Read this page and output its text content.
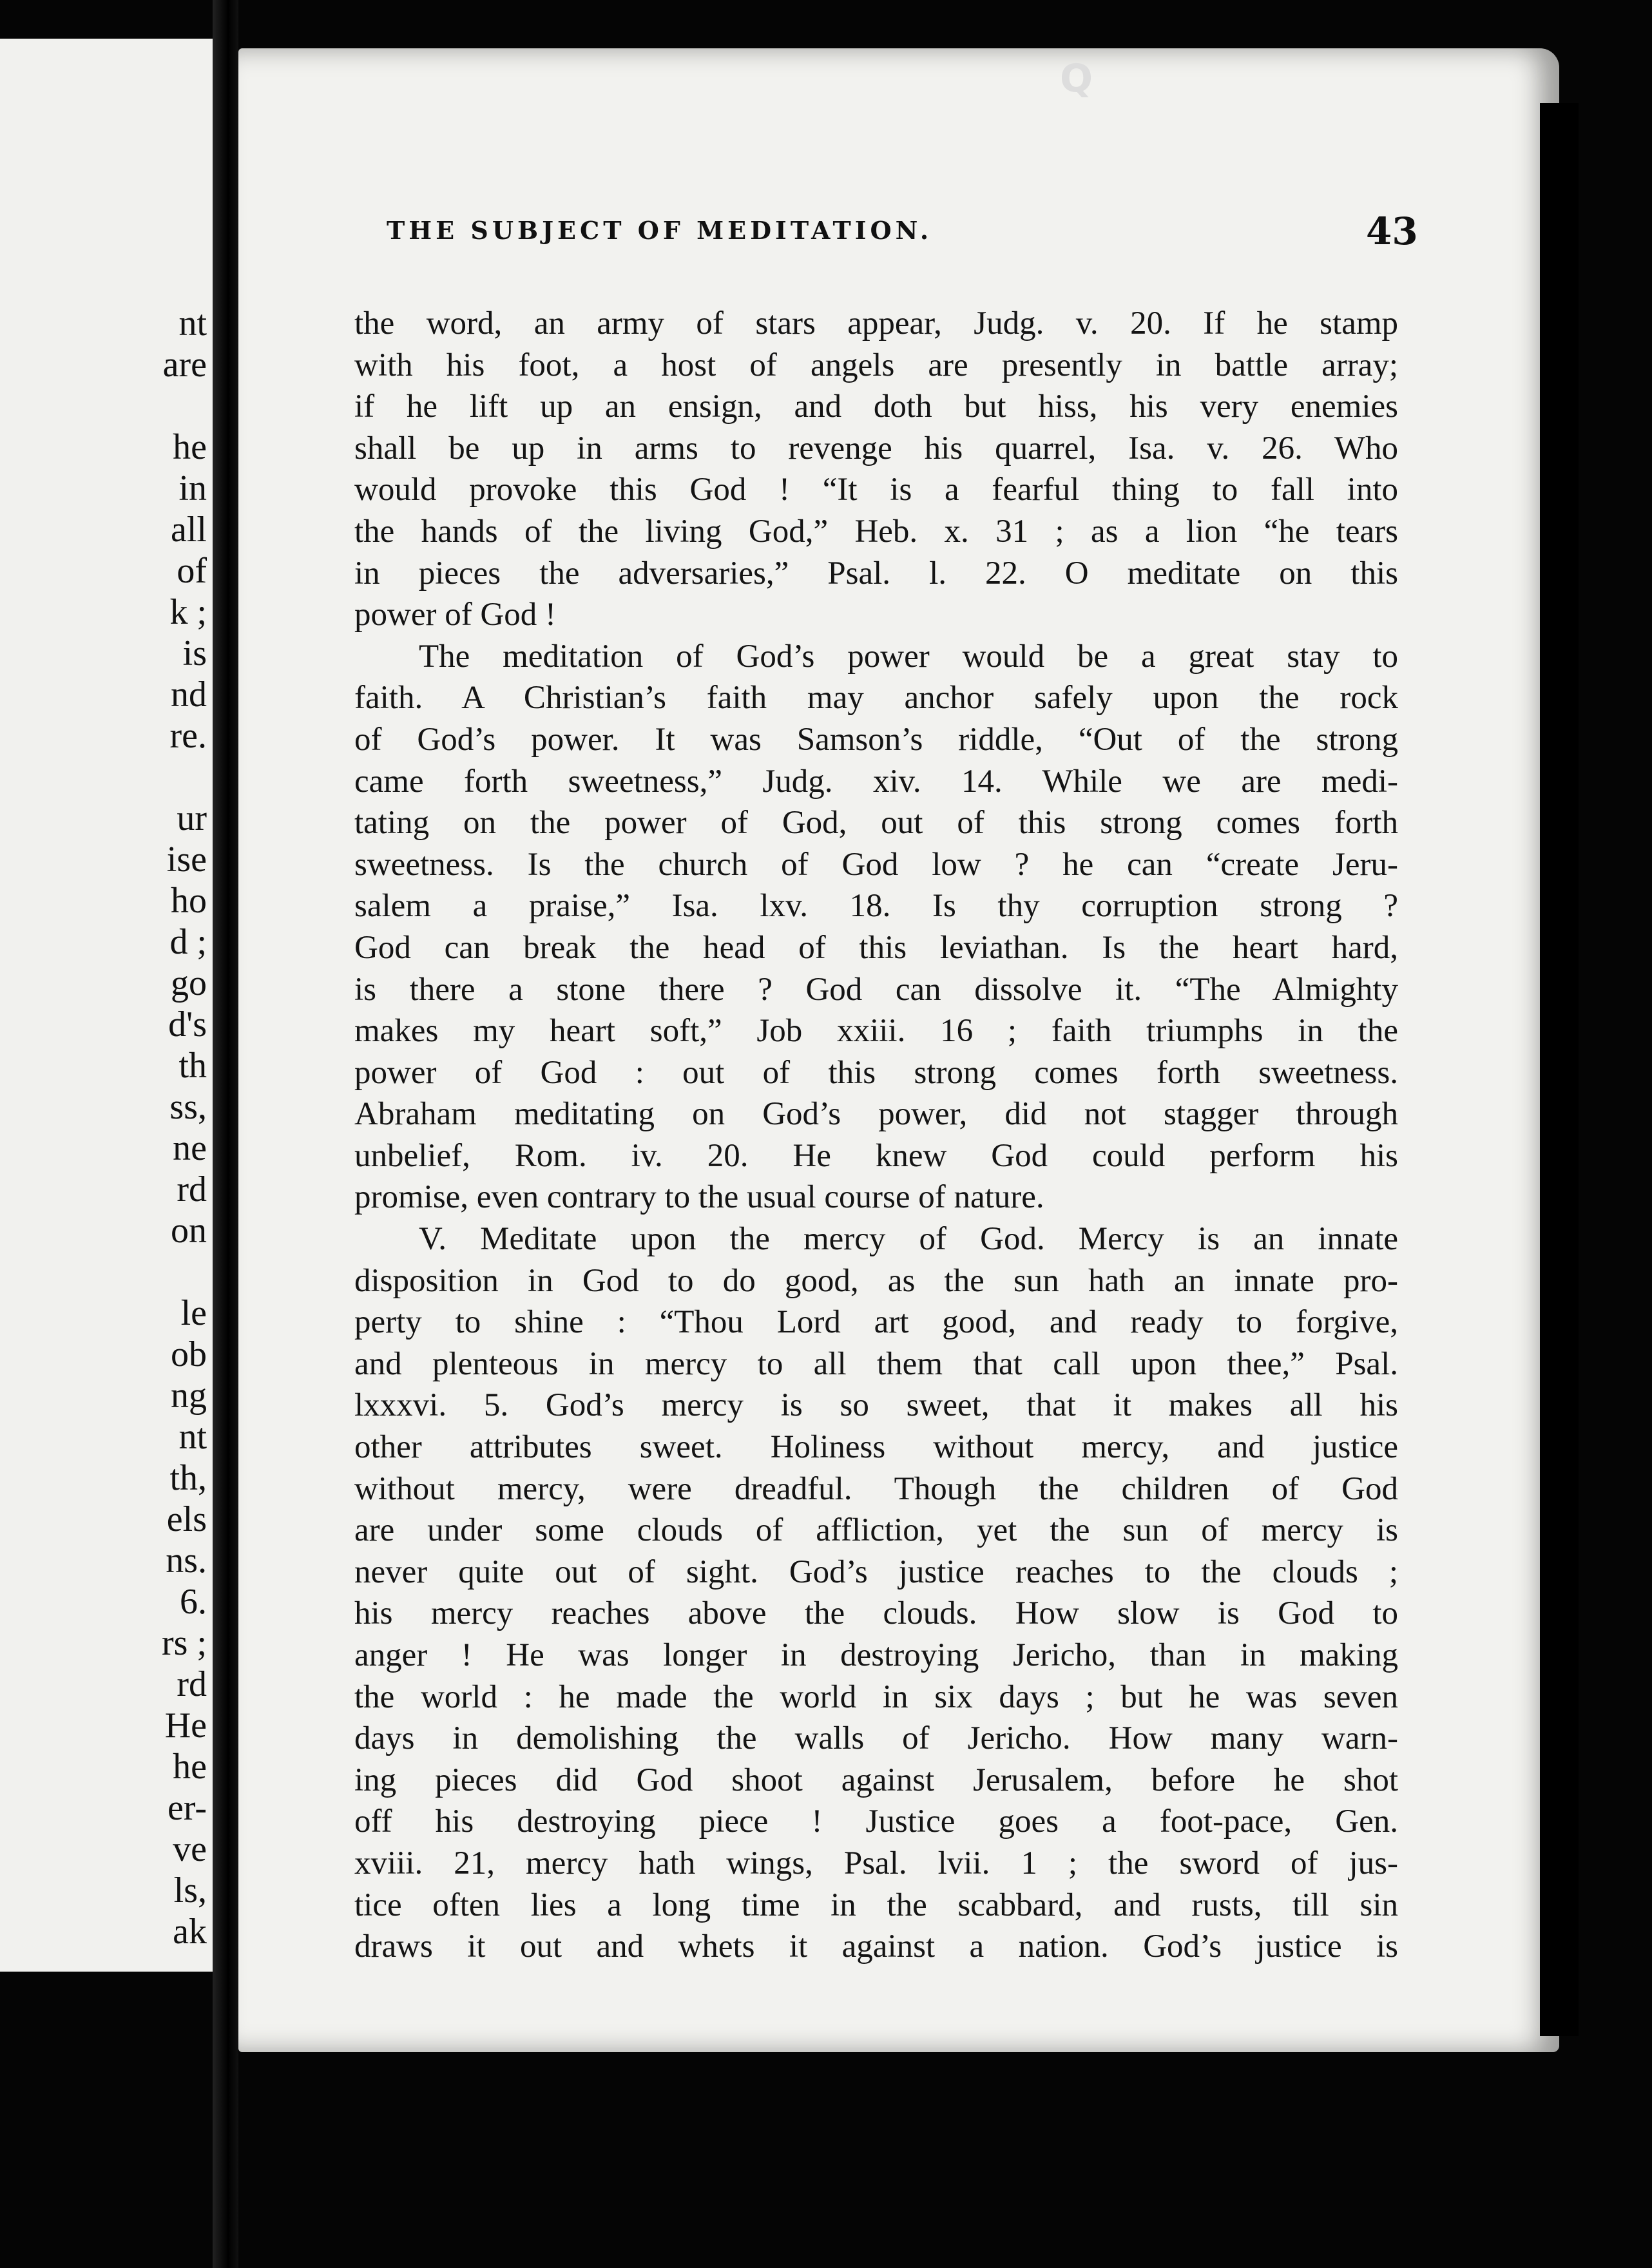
nt
are
he
in
all
of
k ;
is
nd
re.
ur
ise
ho
d ;
go
d's
th
ss,
ne
rd
on
le
ob
ng
nt
th,
els
ns.
6.
rs ;
rd
He
he
er-
ve
ls,
ak
Q
THE SUBJECT OF MEDITATION.	43
the word, an army of stars appear, Judg. v. 20. If he stamp
with his foot, a host of angels are presently in battle array;
if he lift up an ensign, and doth but hiss, his very enemies
shall be up in arms to revenge his quarrel, Isa. v. 26. Who
would provoke this God ! “It is a fearful thing to fall into
the hands of the living God,” Heb. x. 31 ; as a lion “he tears
in pieces the adversaries,” Psal. l. 22. O meditate on this
power of God !
The meditation of God’s power would be a great stay to
faith. A Christian’s faith may anchor safely upon the rock
of God’s power. It was Samson’s riddle, “Out of the strong
came forth sweetness,” Judg. xiv. 14. While we are medi-
tating on the power of God, out of this strong comes forth
sweetness. Is the church of God low ? he can “create Jeru-
salem a praise,” Isa. lxv. 18. Is thy corruption strong ?
God can break the head of this leviathan. Is the heart hard,
is there a stone there ? God can dissolve it. “The Almighty
makes my heart soft,” Job xxiii. 16 ; faith triumphs in the
power of God : out of this strong comes forth sweetness.
Abraham meditating on God’s power, did not stagger through
unbelief, Rom. iv. 20. He knew God could perform his
promise, even contrary to the usual course of nature.
V. Meditate upon the mercy of God. Mercy is an innate
disposition in God to do good, as the sun hath an innate pro-
perty to shine : “Thou Lord art good, and ready to forgive,
and plenteous in mercy to all them that call upon thee,” Psal.
lxxxvi. 5. God’s mercy is so sweet, that it makes all his
other attributes sweet. Holiness without mercy, and justice
without mercy, were dreadful. Though the children of God
are under some clouds of affliction, yet the sun of mercy is
never quite out of sight. God’s justice reaches to the clouds ;
his mercy reaches above the clouds. How slow is God to
anger ! He was longer in destroying Jericho, than in making
the world : he made the world in six days ; but he was seven
days in demolishing the walls of Jericho. How many warn-
ing pieces did God shoot against Jerusalem, before he shot
off his destroying piece ! Justice goes a foot-pace, Gen.
xviii. 21, mercy hath wings, Psal. lvii. 1 ; the sword of jus-
tice often lies a long time in the scabbard, and rusts, till sin
draws it out and whets it against a nation. God’s justice is
